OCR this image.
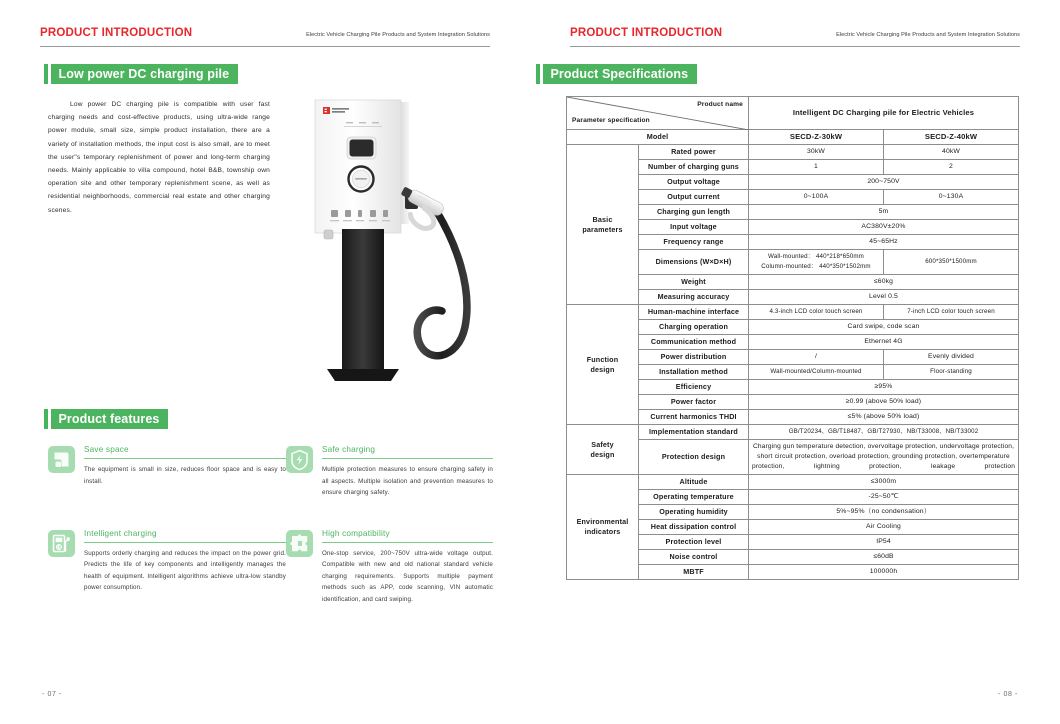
PRODUCT INTRODUCTION	Electric Vehicle Charging Pile Products and System Integration Solutions
Low power DC charging pile
Low power DC charging pile is compatible with user fast charging needs and cost-effective products, using ultra-wide range power module, small size, simple product installation, there are a variety of installation methods, the input cost is also small, are to meet the user"s temporary replenishment of power and long-term charging needs. Mainly applicable to villa compound, hotel B&B, township own operation site and other temporary replenishment scene, as well as residential neighborhoods, commercial real estate and other charging scenes.
Product features
Save space
The equipment is small in size, reduces floor space and is easy to install.
Safe charging
Multiple protection measures to ensure charging safety in all aspects. Multiple isolation and prevention measures to ensure charging safety.
Intelligent charging
Supports orderly charging and reduces the impact on the power grid. Predicts the life of key components and intelligently manages the health of equipment. Intelligent algorithms achieve ultra-low standby power consumption.
High compatibility
One-stop service, 200~750V ultra-wide voltage output. Compatible with new and old national standard vehicle charging requirements. Supports multiple payment methods such as APP, code scanning, VIN automatic identification, and card swiping.
- 07 -
PRODUCT INTRODUCTION	Electric Vehicle Charging Pile Products and System Integration Solutions
Product Specifications
- 08 -
Product name
Parameter specification		Intelligent DC Charging pile for Electric Vehicles	
Model		SECD-Z-30kW	SECD-Z-40kW
Basic
parameters	Rated power	30kW	40kW
	Number of charging guns	1	2
	Output voltage	200~750V	
	Output current	0~100A	0~130A
	Charging gun length	5m	
	Input voltage	AC380V±20%	
	Frequency range	45~65Hz	
	Dimensions (W×D×H)	Wall-mounted： 440*218*650mm
Column-mounted： 440*350*1502mm	600*350*1500mm
	Weight	≤60kg	
	Measuring accuracy	Level 0.5	
Function
design	Human-machine interface	4.3-inch LCD color touch screen	7-inch LCD color touch screen
	Charging operation	Card swipe, code scan	
	Communication method	Ethernet 4G	
	Power distribution	/	Evenly divided
	Installation method	Wall-mounted/Column-mounted	Floor-standing
	Efficiency	≥95%	
	Power factor	≥0.99 (above 50% load)	
	Current harmonics THDI	≤5% (above 50% load)	
Safety
design	Implementation standard	GB/T20234、GB/T18487、GB/T27930、NB/T33008、NB/T33002	
	Protection design	Charging gun temperature detection, overvoltage protection, undervoltage protection, short circuit protection, overload protection, grounding protection, overtemperature protection, lightning protection, leakage protection	
Environmental
indicators	Altitude	≤3000m	
	Operating temperature	-25~50℃	
	Operating humidity	5%~95%（no condensation）	
	Heat dissipation control	Air Cooling	
	Protection level	IP54	
	Noise control	≤60dB	
	MBTF	100000h	
